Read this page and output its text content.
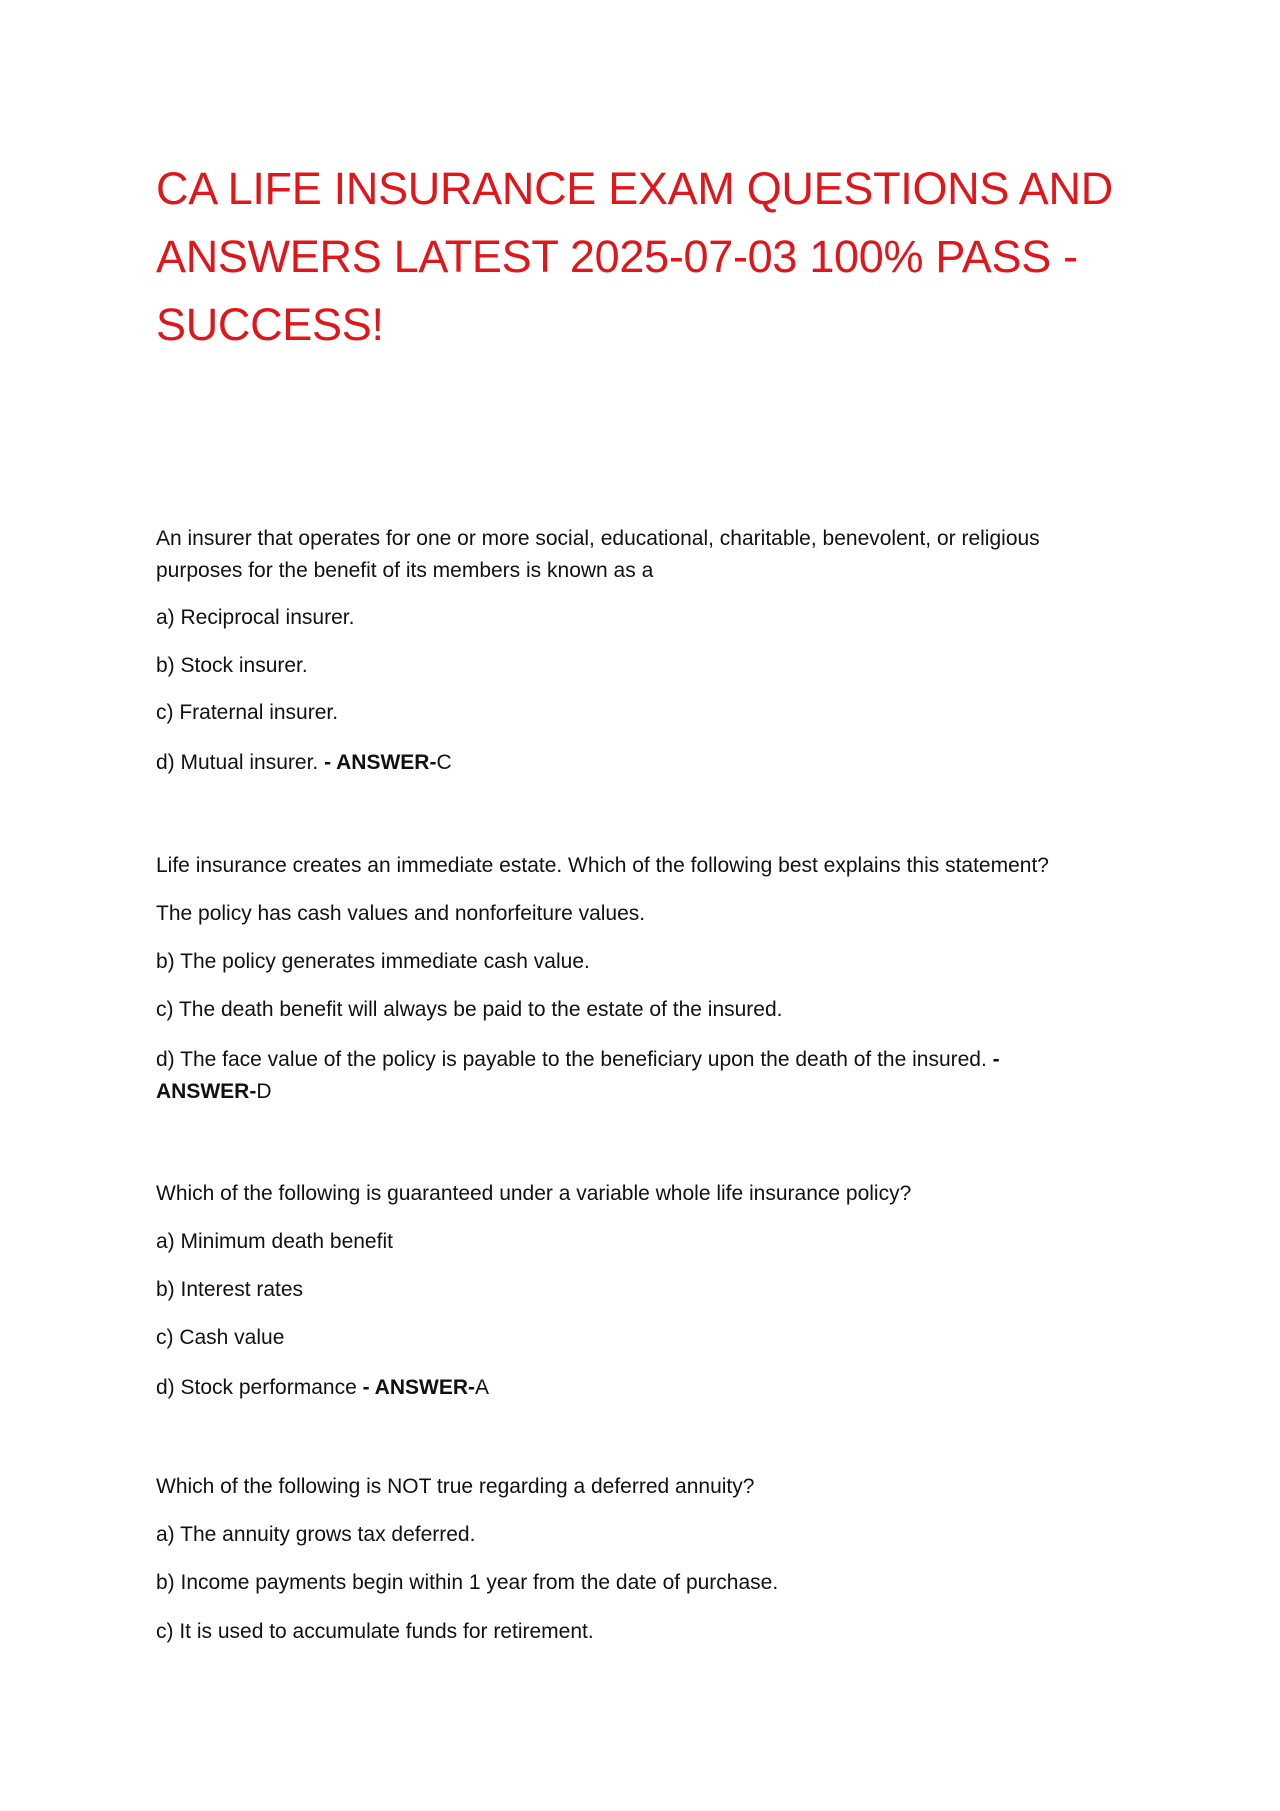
CA LIFE INSURANCE EXAM QUESTIONS AND ANSWERS LATEST 2025-07-03 100% PASS - SUCCESS!

An insurer that operates for one or more social, educational, charitable, benevolent, or religious purposes for the benefit of its members is known as a

a) Reciprocal insurer.

b) Stock insurer.

c) Fraternal insurer.

d) Mutual insurer. - ANSWER-C

Life insurance creates an immediate estate. Which of the following best explains this statement?

The policy has cash values and nonforfeiture values.

b) The policy generates immediate cash value.

c) The death benefit will always be paid to the estate of the insured.

d) The face value of the policy is payable to the beneficiary upon the death of the insured. -

ANSWER-D

Which of the following is guaranteed under a variable whole life insurance policy?

a) Minimum death benefit

b) Interest rates

c) Cash value

d) Stock performance - ANSWER-A

Which of the following is NOT true regarding a deferred annuity?

a) The annuity grows tax deferred.

b) Income payments begin within 1 year from the date of purchase.

c) It is used to accumulate funds for retirement.
